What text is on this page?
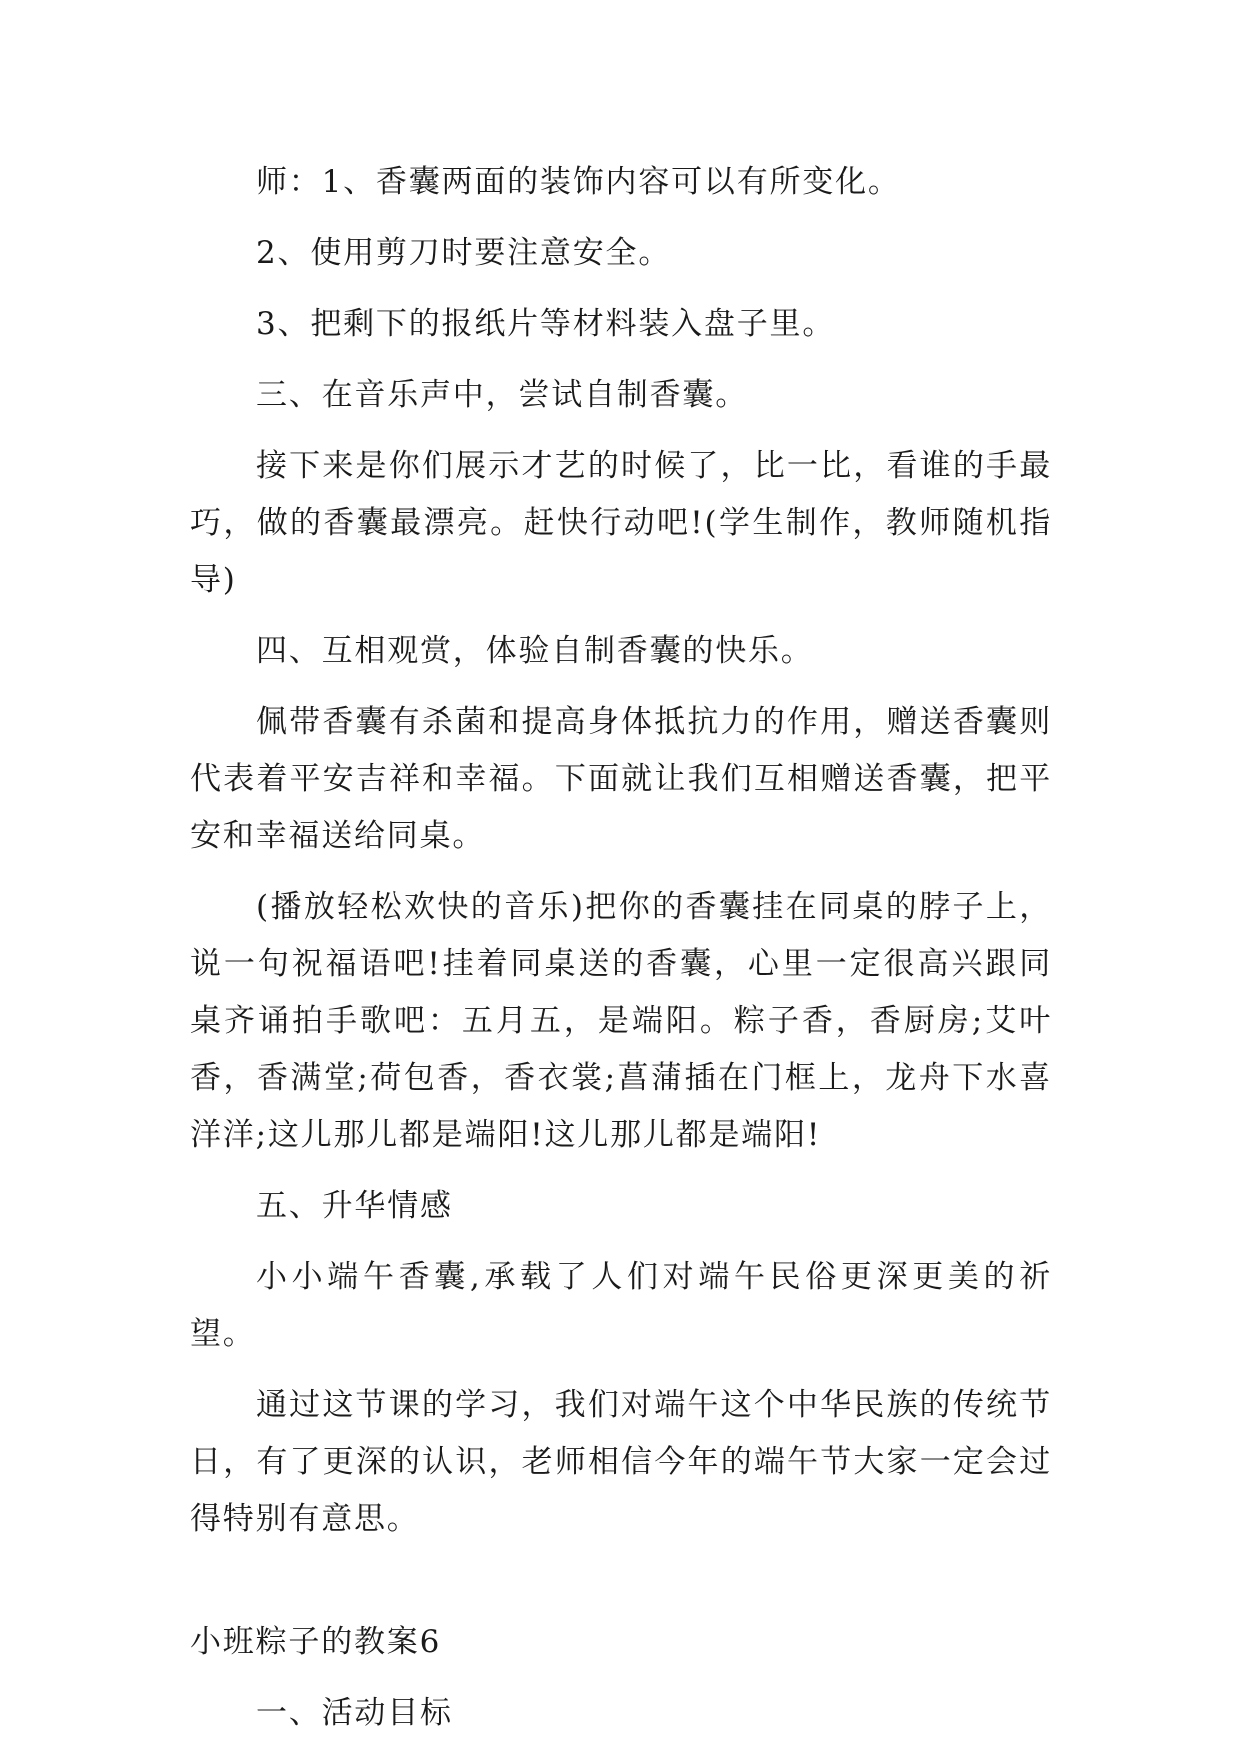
师：1、香囊两面的装饰内容可以有所变化。

2、使用剪刀时要注意安全。

3、把剩下的报纸片等材料装入盘子里。

三、在音乐声中，尝试自制香囊。

接下来是你们展示才艺的时候了，比一比，看谁的手最巧，做的香囊最漂亮。赶快行动吧!(学生制作，教师随机指导)

四、互相观赏，体验自制香囊的快乐。

佩带香囊有杀菌和提高身体抵抗力的作用，赠送香囊则代表着平安吉祥和幸福。下面就让我们互相赠送香囊，把平安和幸福送给同桌。

(播放轻松欢快的音乐)把你的香囊挂在同桌的脖子上，说一句祝福语吧!挂着同桌送的香囊，心里一定很高兴跟同桌齐诵拍手歌吧：五月五，是端阳。粽子香，香厨房;艾叶香，香满堂;荷包香，香衣裳;菖蒲插在门框上，龙舟下水喜洋洋;这儿那儿都是端阳!这儿那儿都是端阳!

五、升华情感

小小端午香囊,承载了人们对端午民俗更深更美的祈望。

通过这节课的学习，我们对端午这个中华民族的传统节日，有了更深的认识，老师相信今年的端午节大家一定会过得特别有意思。

小班粽子的教案6

一、活动目标
